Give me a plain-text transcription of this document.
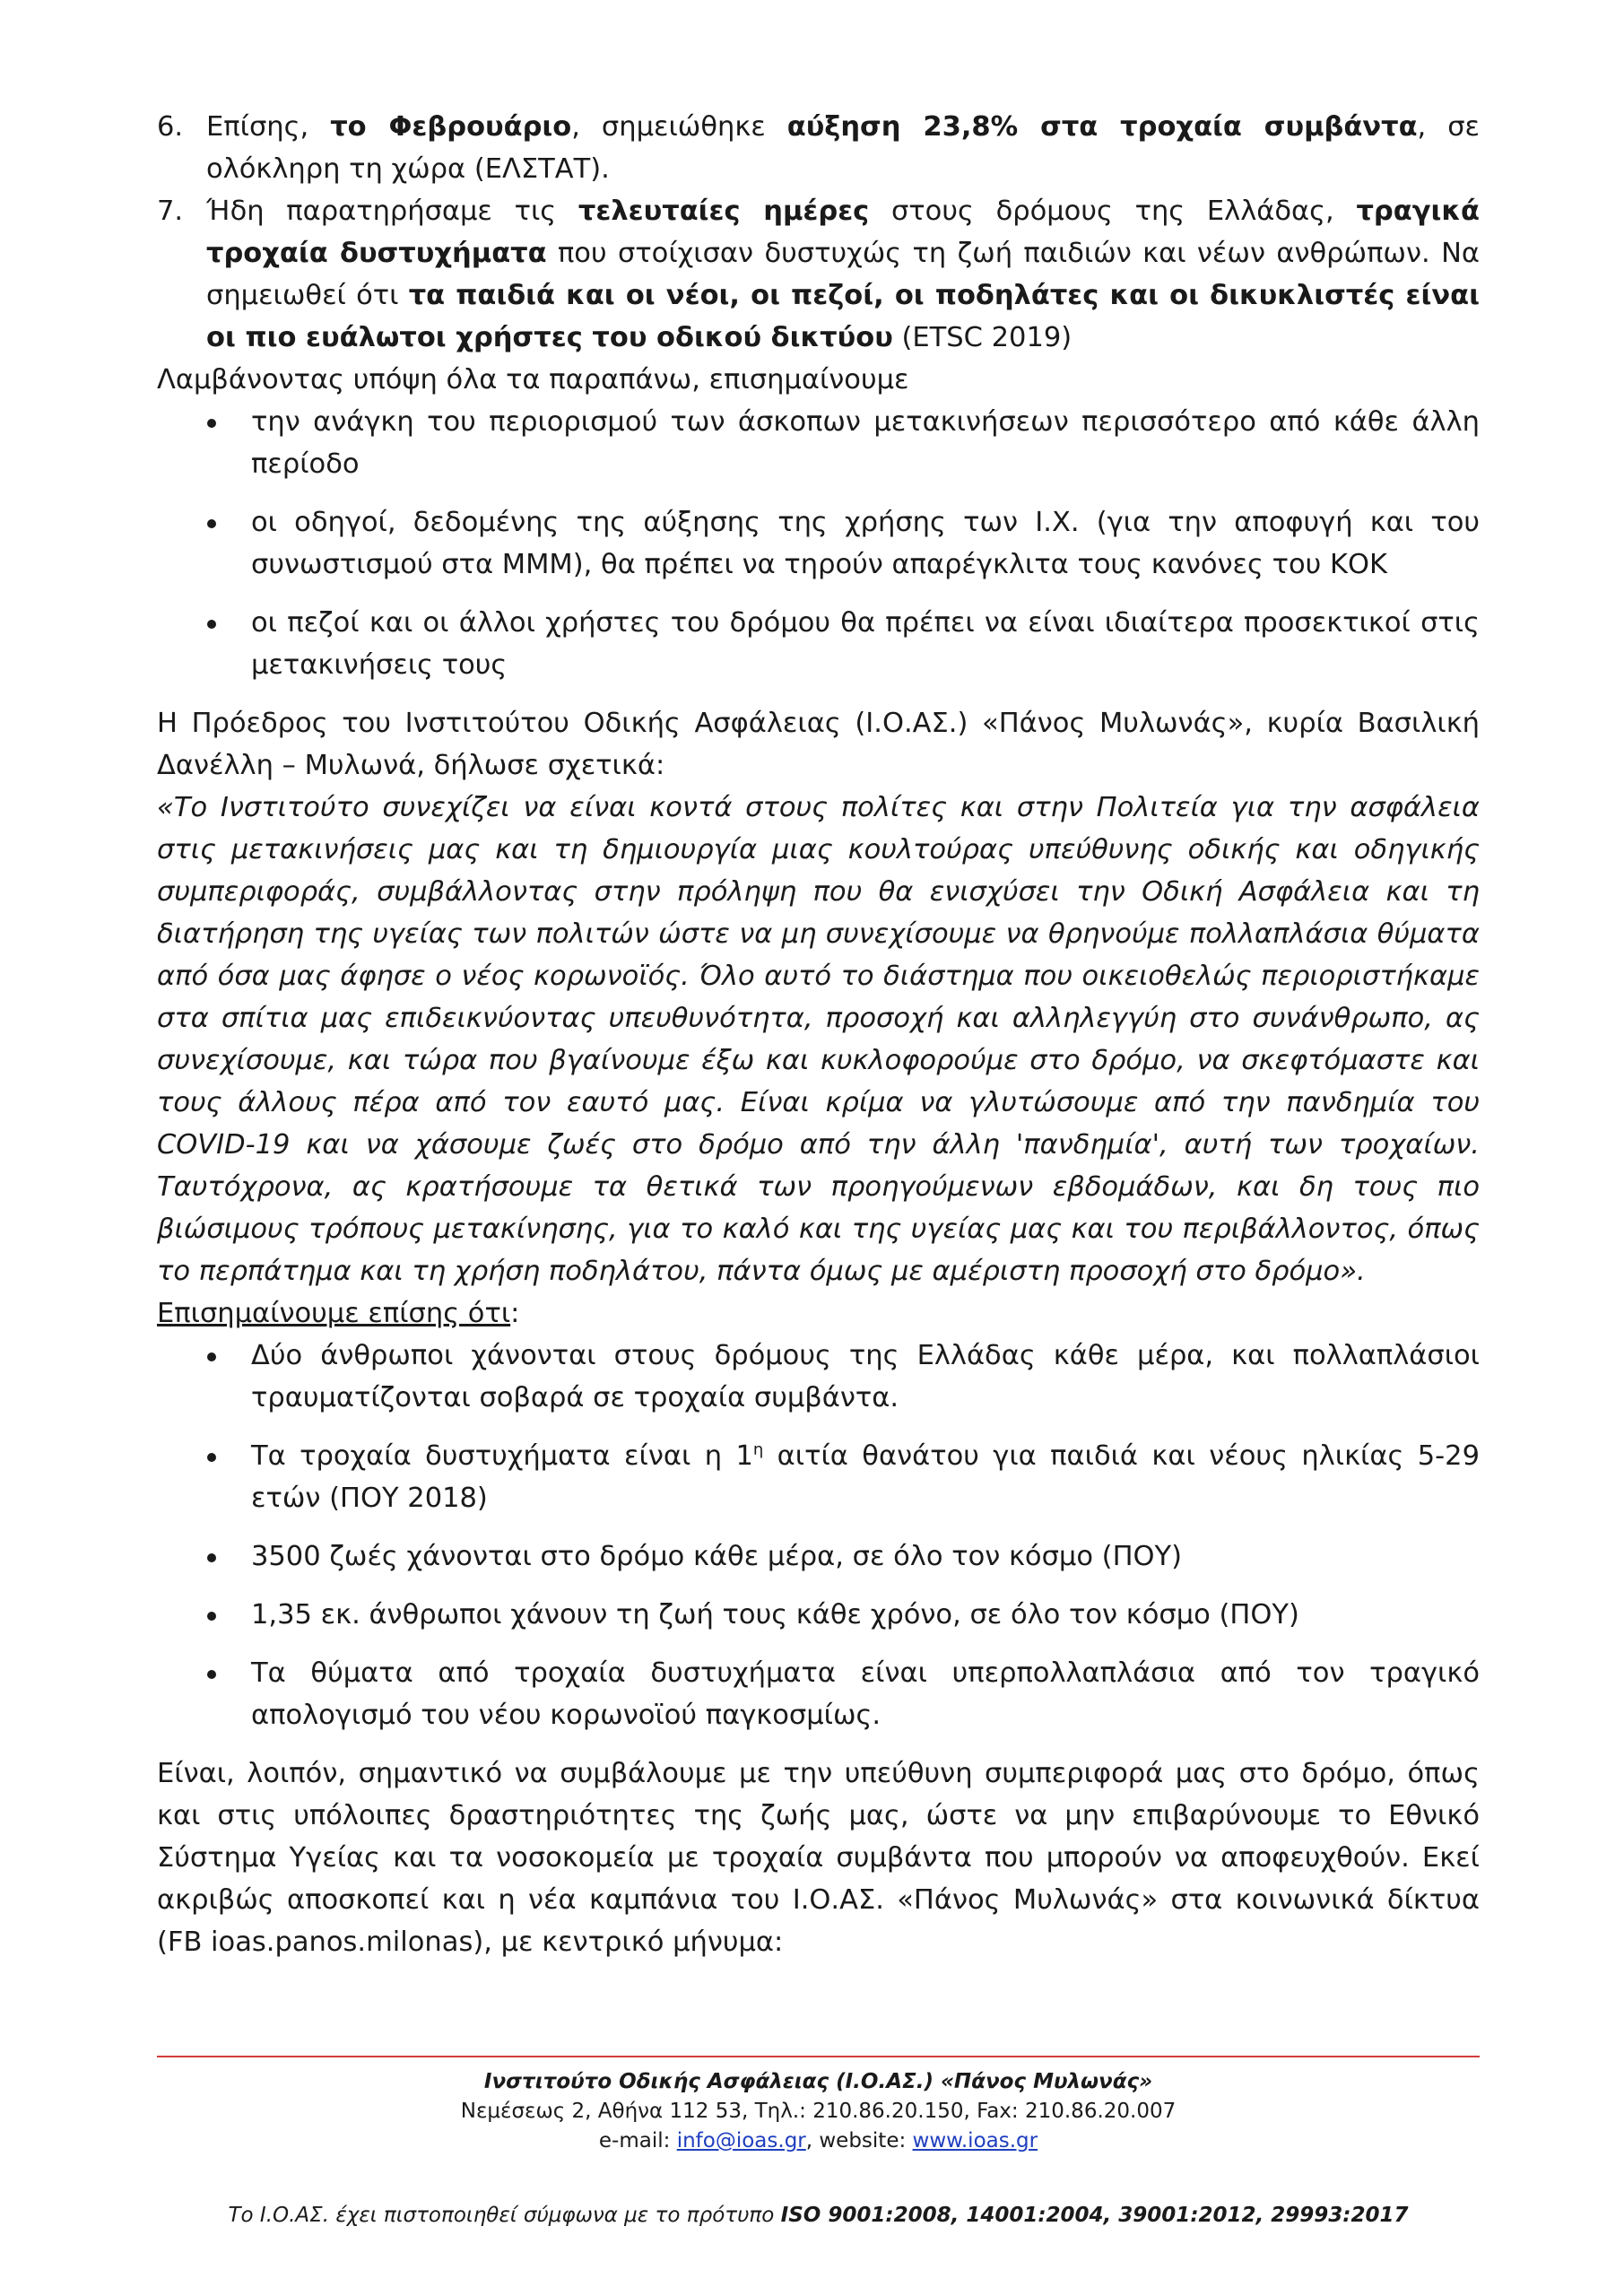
6. Επίσης, το Φεβρουάριο, σημειώθηκε αύξηση 23,8% στα τροχαία συμβάντα, σε ολόκληρη τη χώρα (ΕΛΣΤΑΤ).

7. Ήδη παρατηρήσαμε τις τελευταίες ημέρες στους δρόμους της Ελλάδας, τραγικά τροχαία δυστυχήματα που στοίχισαν δυστυχώς τη ζωή παιδιών και νέων ανθρώπων. Να σημειωθεί ότι τα παιδιά και οι νέοι, οι πεζοί, οι ποδηλάτες και οι δικυκλιστές είναι οι πιο ευάλωτοι χρήστες του οδικού δικτύου (ETSC 2019)

Λαμβάνοντας υπόψη όλα τα παραπάνω, επισημαίνουμε

την ανάγκη του περιορισμού των άσκοπων μετακινήσεων περισσότερο από κάθε άλλη περίοδο
οι οδηγοί, δεδομένης της αύξησης της χρήσης των Ι.Χ. (για την αποφυγή και του συνωστισμού στα ΜΜΜ), θα πρέπει να τηρούν απαρέγκλιτα τους κανόνες του ΚΟΚ
οι πεζοί και οι άλλοι χρήστες του δρόμου θα πρέπει να είναι ιδιαίτερα προσεκτικοί στις μετακινήσεις τους

Η Πρόεδρος του Ινστιτούτου Οδικής Ασφάλειας (Ι.Ο.ΑΣ.) «Πάνος Μυλωνάς», κυρία Βασιλική Δανέλλη – Μυλωνά, δήλωσε σχετικά:

«Το Ινστιτούτο συνεχίζει να είναι κοντά στους πολίτες και στην Πολιτεία για την ασφάλεια στις μετακινήσεις μας και τη δημιουργία μιας κουλτούρας υπεύθυνης οδικής και οδηγικής συμπεριφοράς, συμβάλλοντας στην πρόληψη που θα ενισχύσει την Οδική Ασφάλεια και τη διατήρηση της υγείας των πολιτών ώστε να μη συνεχίσουμε να θρηνούμε πολλαπλάσια θύματα από όσα μας άφησε ο νέος κορωνοϊός. Όλο αυτό το διάστημα που οικειοθελώς περιοριστήκαμε στα σπίτια μας επιδεικνύοντας υπευθυνότητα, προσοχή και αλληλεγγύη στο συνάνθρωπο, ας συνεχίσουμε, και τώρα που βγαίνουμε έξω και κυκλοφορούμε στο δρόμο, να σκεφτόμαστε και τους άλλους πέρα από τον εαυτό μας. Είναι κρίμα να γλυτώσουμε από την πανδημία του COVID-19 και να χάσουμε ζωές στο δρόμο από την άλλη 'πανδημία', αυτή των τροχαίων. Ταυτόχρονα, ας κρατήσουμε τα θετικά των προηγούμενων εβδομάδων, και δη τους πιο βιώσιμους τρόπους μετακίνησης, για το καλό και της υγείας μας και του περιβάλλοντος, όπως το περπάτημα και τη χρήση ποδηλάτου, πάντα όμως με αμέριστη προσοχή στο δρόμο».

Επισημαίνουμε επίσης ότι:

Δύο άνθρωποι χάνονται στους δρόμους της Ελλάδας κάθε μέρα, και πολλαπλάσιοι τραυματίζονται σοβαρά σε τροχαία συμβάντα.
Τα τροχαία δυστυχήματα είναι η $1^\eta$ αιτία θανάτου για παιδιά και νέους ηλικίας 5-29 ετών (ΠΟΥ 2018)
3500 ζωές χάνονται στο δρόμο κάθε μέρα, σε όλο τον κόσμο (ΠΟΥ)
1,35 εκ. άνθρωποι χάνουν τη ζωή τους κάθε χρόνο, σε όλο τον κόσμο (ΠΟΥ)
Τα θύματα από τροχαία δυστυχήματα είναι υπερπολλαπλάσια από τον τραγικό απολογισμό του νέου κορωνοϊού παγκοσμίως.

Είναι, λοιπόν, σημαντικό να συμβάλουμε με την υπεύθυνη συμπεριφορά μας στο δρόμο, όπως και στις υπόλοιπες δραστηριότητες της ζωής μας, ώστε να μην επιβαρύνουμε το Εθνικό Σύστημα Υγείας και τα νοσοκομεία με τροχαία συμβάντα που μπορούν να αποφευχθούν. Εκεί ακριβώς αποσκοπεί και η νέα καμπάνια του Ι.Ο.ΑΣ. «Πάνος Μυλωνάς» στα κοινωνικά δίκτυα (FB ioas.panos.milonas), με κεντρικό μήνυμα:

Ινστιτούτο Οδικής Ασφάλειας (Ι.Ο.ΑΣ.) «Πάνος Μυλωνάς»
Νεμέσεως 2, Αθήνα 112 53, Τηλ.: 210.86.20.150, Fax: 210.86.20.007
e-mail: info@ioas.gr, website: www.ioas.gr
Το Ι.Ο.ΑΣ. έχει πιστοποιηθεί σύμφωνα με το πρότυπο ISO 9001:2008, 14001:2004, 39001:2012, 29993:2017
